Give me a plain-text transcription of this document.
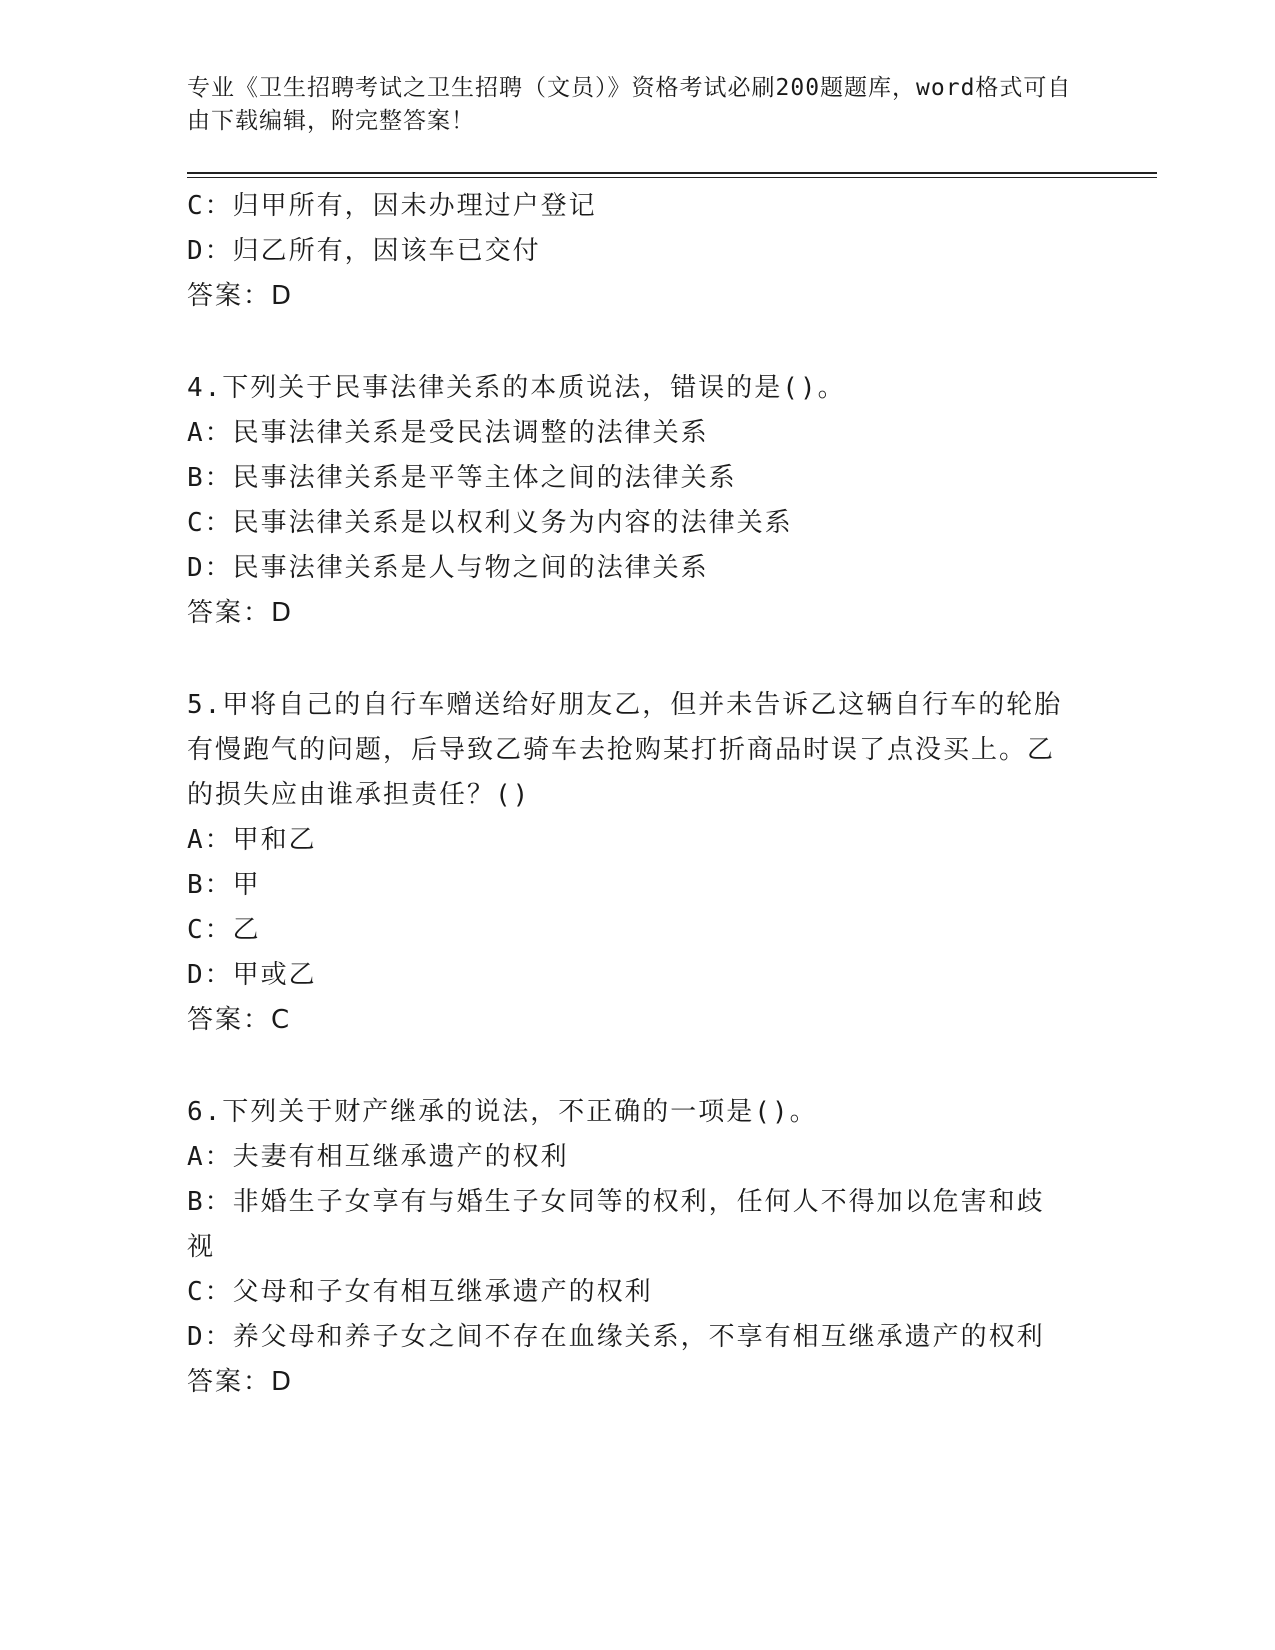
专业《卫生招聘考试之卫生招聘（文员）》资格考试必刷200题题库，word格式可自由下载编辑，附完整答案！

C：归甲所有，因未办理过户登记
D：归乙所有，因该车已交付
答案：D
4.下列关于民事法律关系的本质说法，错误的是()。
A：民事法律关系是受民法调整的法律关系
B：民事法律关系是平等主体之间的法律关系
C：民事法律关系是以权利义务为内容的法律关系
D：民事法律关系是人与物之间的法律关系
答案：D
5.甲将自己的自行车赠送给好朋友乙，但并未告诉乙这辆自行车的轮胎有慢跑气的问题，后导致乙骑车去抢购某打折商品时误了点没买上。乙的损失应由谁承担责任？()
A：甲和乙
B：甲
C：乙
D：甲或乙
答案：C
6.下列关于财产继承的说法，不正确的一项是()。
A：夫妻有相互继承遗产的权利
B：非婚生子女享有与婚生子女同等的权利，任何人不得加以危害和歧视
C：父母和子女有相互继承遗产的权利
D：养父母和养子女之间不存在血缘关系，不享有相互继承遗产的权利
答案：D
